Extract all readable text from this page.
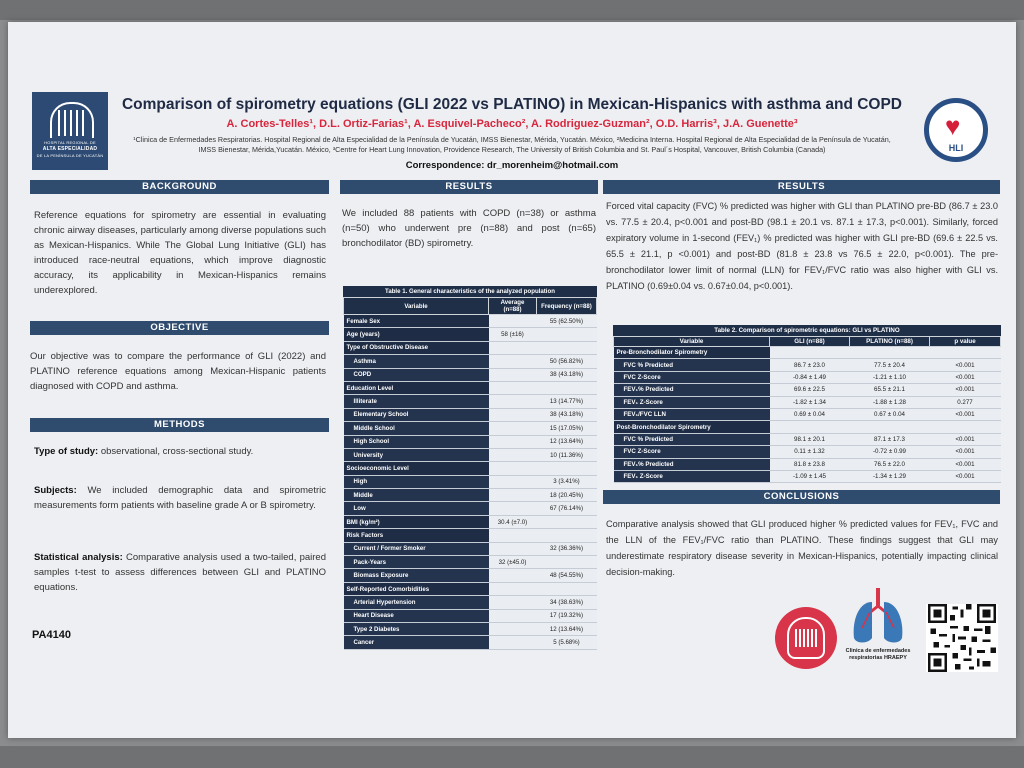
HOSPITAL REGIONAL DE
ALTA ESPECIALIDAD
DE LA PENÍNSULA DE YUCATÁN
Comparison of spirometry equations (GLI 2022 vs PLATINO) in Mexican-Hispanics with asthma and COPD
A. Cortes-Telles¹, D.L. Ortiz-Farias¹, A. Esquivel-Pacheco², A. Rodriguez-Guzman², O.D. Harris³, J.A. Guenette³
¹Clinica de Enfermedades Respiratorias. Hospital Regional de Alta Especialidad de la Península de Yucatán, IMSS Bienestar, Mérida, Yucatán. México, ²Medicina Interna. Hospital Regional de Alta Especialidad de la Península de Yucatán, IMSS Bienestar, Mérida,Yucatán. México, ³Centre for Heart Lung Innovation, Providence Research, The University of British Columbia and St. Paul´s Hospital, Vancouver, British Columbia (Canada)
Correspondence: dr_morenheim@hotmail.com
♥
HLI
BACKGROUND

Reference equations for spirometry are essential in evaluating chronic airway diseases, particularly among diverse populations such as Mexican-Hispanics. While The Global Lung Initiative (GLI) has introduced race-neutral equations, which improve diagnostic accuracy, its applicability in Mexican-Hispanics remains underexplored.

OBJECTIVE

Our objective was to compare the performance of GLI (2022) and PLATINO reference equations among Mexican-Hispanic patients diagnosed with COPD and asthma.

METHODS

Type of study: observational, cross-sectional study.

Subjects: We included demographic data and spirometric measurements form patients with baseline grade A or B spirometry.

Statistical analysis: Comparative analysis used a two-tailed, paired samples t-test to assess differences between GLI and PLATINO equations.

PA4140
RESULTS

We included 88 patients with COPD (n=38) or asthma (n=50) who underwent pre (n=88) and post (n=65) bronchodilator (BD) spirometry.

Table 1. General characteristics of the analyzed population
Variable	Average (n=88)	Frequency (n=88)
Female Sex		55 (62.50%)
Age (years)	58 (±16)	
Type of Obstructive Disease		
Asthma		50 (56.82%)
COPD		38 (43.18%)
Education Level		
Illiterate		13 (14.77%)
Elementary School		38 (43.18%)
Middle School		15 (17.05%)
High School		12 (13.64%)
University		10 (11.36%)
Socioeconomic Level		
High		3 (3.41%)
Middle		18 (20.45%)
Low		67 (76.14%)
BMI (kg/m²)	30.4 (±7.0)	
Risk Factors		
Current / Former Smoker		32 (36.36%)
Pack-Years	32 (±45.0)	
Biomass Exposure		48 (54.55%)
Self-Reported Comorbidities		
Arterial Hypertension		34 (38.63%)
Heart Disease		17 (19.32%)
Type 2 Diabetes		12 (13.64%)
Cancer		5 (5.68%)
RESULTS

Forced vital capacity (FVC) % predicted was higher with GLI than PLATINO pre-BD (86.7 ± 23.0 vs. 77.5 ± 20.4, p<0.001 and post-BD (98.1 ± 20.1 vs. 87.1 ± 17.3, p<0.001). Similarly, forced expiratory volume in 1-second (FEV₁) % predicted was higher with GLI pre-BD (69.6 ± 22.5 vs. 65.5 ± 21.1, p <0.001) and post-BD (81.8 ± 23.8 vs 76.5 ± 22.0, p<0.001). The pre-bronchodilator lower limit of normal (LLN) for FEV₁/FVC ratio was also higher with GLI vs. PLATINO (0.69±0.04 vs. 0.67±0.04, p<0.001).

Table 2. Comparison of spirometric equations: GLI vs PLATINO
Variable	GLI (n=88)	PLATINO (n=88)	p value
Pre-Bronchodilator Spirometry			
FVC % Predicted	86.7 ± 23.0	77.5 ± 20.4	<0.001
FVC Z-Score	-0.84 ± 1.49	-1.21 ± 1.10	<0.001
FEV₁% Predicted	69.6 ± 22.5	65.5 ± 21.1	<0.001
FEV₁ Z-Score	-1.82 ± 1.34	-1.88 ± 1.28	0.277
FEV₁/FVC LLN	0.69 ± 0.04	0.67 ± 0.04	<0.001
Post-Bronchodilator Spirometry			
FVC % Predicted	98.1 ± 20.1	87.1 ± 17.3	<0.001
FVC Z-Score	0.11 ± 1.32	-0.72 ± 0.99	<0.001
FEV₁% Predicted	81.8 ± 23.8	76.5 ± 22.0	<0.001
FEV₁ Z-Score	-1.09 ± 1.45	-1.34 ± 1.29	<0.001
CONCLUSIONS

Comparative analysis showed that GLI produced higher % predicted values for FEV₁, FVC and the LLN of the FEV₁/FVC ratio than PLATINO. These findings suggest that GLI may underestimate respiratory disease severity in Mexican-Hispanics, potentially impacting clinical decision-making.

Clinica de enfermedades respiratorias HRAEPY
